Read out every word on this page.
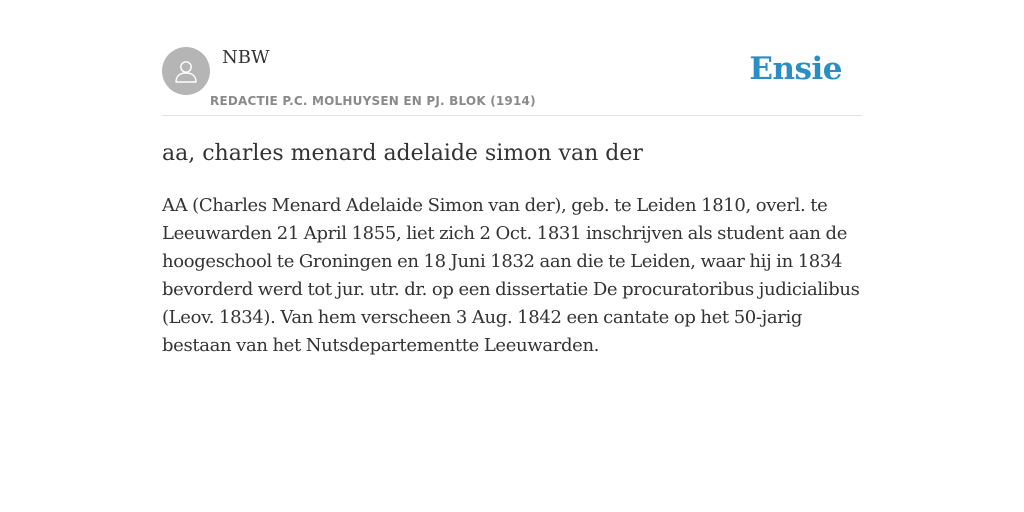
NBW
REDACTIE P.C. MOLHUYSEN EN PJ. BLOK (1914)
Ensie
aa, charles menard adelaide simon van der

AA (Charles Menard Adelaide Simon van der), geb. te Leiden 1810, overl. te Leeuwarden 21 April 1855, liet zich 2 Oct. 1831 inschrijven als student aan de hoogeschool te Groningen en 18 Juni 1832 aan die te Leiden, waar hij in 1834 bevorderd werd tot jur. utr. dr. op een dissertatie De procuratoribus judicialibus (Leov. 1834). Van hem verscheen 3 Aug. 1842 een cantate op het 50-jarig bestaan van het Nutsdepartementte Leeuwarden.
